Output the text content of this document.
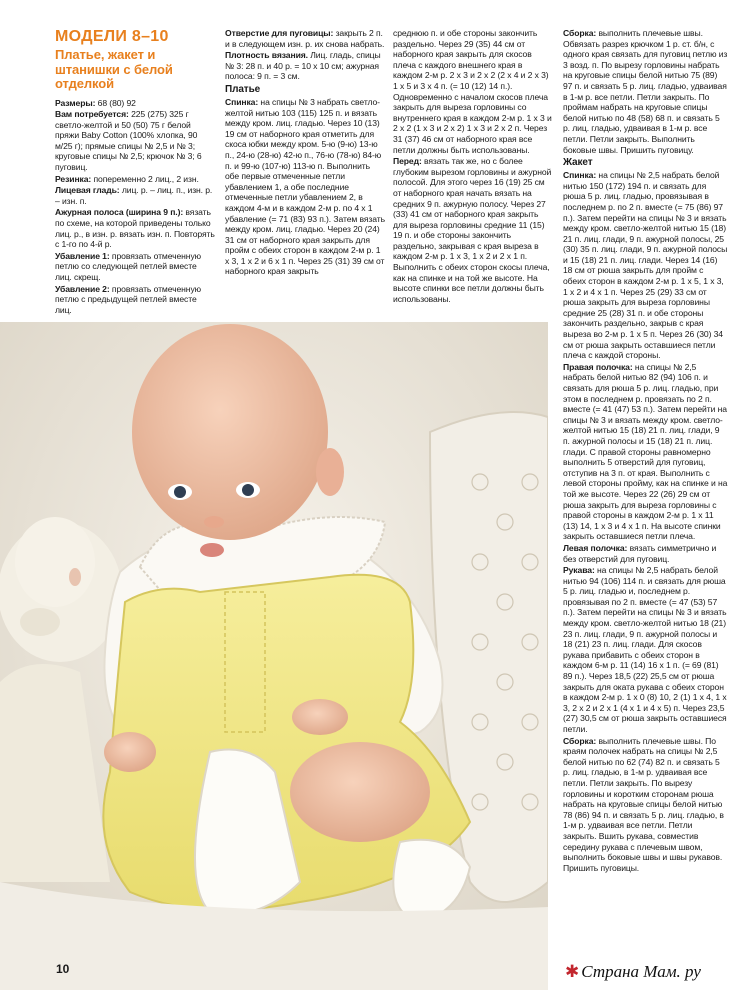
МОДЕЛИ 8–10
Платье, жакет и штанишки с белой отделкой

Размеры: 68 (80) 92

Вам потребуется: 225 (275) 325 г светло-желтой и 50 (50) 75 г белой пряжи Baby Cotton (100% хлопка, 90 м/25 г); прямые спицы № 2,5 и № 3; круговые спицы № 2,5; крючок № 3; 6 пуговиц.

Резинка: попеременно 2 лиц., 2 изн.

Лицевая гладь: лиц. р. – лиц. п., изн. р. – изн. п.

Ажурная полоса (ширина 9 п.): вязать по схеме, на которой приведены только лиц. р., в изн. р. вязать изн. п. Повторять с 1-го по 4-й р.

Убавление 1: провязать отмеченную петлю со следующей петлей вместе лиц. скрещ.

Убавление 2: провязать отмеченную петлю с предыдущей петлей вместе лиц.

Отверстие для пуговицы: закрыть 2 п. и в следующем изн. р. их снова набрать.

Плотность вязания. Лиц. гладь, спицы № 3: 28 п. и 40 р. = 10 х 10 см; ажурная полоса: 9 п. = 3 см.

Платье

Спинка: на спицы № 3 набрать светло-желтой нитью 103 (115) 125 п. и вязать между кром. лиц. гладью. Через 10 (13) 19 см от наборного края отметить для скоса юбки между кром. 5-ю (9-ю) 13-ю п., 24-ю (28-ю) 42-ю п., 76-ю (78-ю) 84-ю п. и 99-ю (107-ю) 113-ю п. Выполнить обе первые отмеченные петли убавлением 1, а обе последние отмеченные петли убавлением 2, в каждом 4-м и в каждом 2-м р. по 4 х 1 убавление (= 71 (83) 93 п.). Затем вязать между кром. лиц. гладью. Через 20 (24) 31 см от наборного края закрыть для пройм с обеих сторон в каждом 2-м р. 1 х 3, 1 х 2 и 6 х 1 п. Через 25 (31) 39 см от наборного края закрыть

среднюю п. и обе стороны закончить раздельно. Через 29 (35) 44 см от наборного края закрыть для скосов плеча с каждого внешнего края в каждом 2-м р. 2 х 3 и 2 х 2 (2 х 4 и 2 х 3) 1 х 5 и 3 х 4 п. (= 10 (12) 14 п.). Одновременно с началом скосов плеча закрыть для выреза горловины со внутреннего края в каждом 2-м р. 1 х 3 и 2 х 2 (1 х 3 и 2 х 2) 1 х 3 и 2 х 2 п. Через 31 (37) 46 см от наборного края все петли должны быть использованы.

Перед: вязать так же, но с более глубоким вырезом горловины и ажурной полосой. Для этого через 16 (19) 25 см от наборного края начать вязать на средних 9 п. ажурную полосу. Через 27 (33) 41 см от наборного края закрыть для выреза горловины средние 11 (15) 19 п. и обе стороны закончить раздельно, закрывая с края выреза в каждом 2-м р. 1 х 3, 1 х 2 и 2 х 1 п. Выполнить с обеих сторон скосы плеча, как на спинке и на той же высоте. На высоте спинки все петли должны быть использованы.

Сборка: выполнить плечевые швы. Обвязать разрез крючком 1 р. ст. б/н, с одного края связать для пуговиц петлю из 3 возд. п. По вырезу горловины набрать на круговые спицы белой нитью 75 (89) 97 п. и связать 5 р. лиц. гладью, удваивая в 1-м р. все петли. Петли закрыть. По проймам набрать на круговые спицы белой нитью по 48 (58) 68 п. и связать 5 р. лиц. гладью, удваивая в 1-м р. все петли. Петли закрыть. Выполнить боковые швы. Пришить пуговицу.

Жакет

Спинка: на спицы № 2,5 набрать белой нитью 150 (172) 194 п. и связать для рюша 5 р. лиц. гладью, провязывая в последнем р. по 2 п. вместе (= 75 (86) 97 п.). Затем перейти на спицы № 3 и вязать между кром. светло-желтой нитью 15 (18) 21 п. лиц. глади, 9 п. ажурной полосы, 25 (30) 35 п. лиц. глади, 9 п. ажурной полосы и 15 (18) 21 п. лиц. глади. Через 14 (16) 18 см от рюша закрыть для пройм с обеих сторон в каждом 2-м р. 1 х 5, 1 х 3, 1 х 2 и 4 х 1 п. Через 25 (29) 33 см от рюша закрыть для выреза горловины средние 25 (28) 31 п. и обе стороны закончить раздельно, закрыв с края выреза во 2-м р. 1 х 5 п. Через 26 (30) 34 см от рюша закрыть оставшиеся петли плеча с каждой стороны.

Правая полочка: на спицы № 2,5 набрать белой нитью 82 (94) 106 п. и связать для рюша 5 р. лиц. гладью, при этом в последнем р. провязать по 2 п. вместе (= 41 (47) 53 п.). Затем перейти на спицы № 3 и вязать между кром. светло-желтой нитью 15 (18) 21 п. лиц. глади, 9 п. ажурной полосы и 15 (18) 21 п. лиц. глади. С правой стороны равномерно выполнить 5 отверстий для пуговиц, отступив на 3 п. от края. Выполнить с левой стороны пройму, как на спинке и на той же высоте. Через 22 (26) 29 см от рюша закрыть для выреза горловины с правой стороны в каждом 2-м р. 1 х 11 (13) 14, 1 х 3 и 4 х 1 п. На высоте спинки закрыть оставшиеся петли плеча.

Левая полочка: вязать симметрично и без отверстий для пуговиц.

Рукава: на спицы № 2,5 набрать белой нитью 94 (106) 114 п. и связать для рюша 5 р. лиц. гладью и, последнем р. провязывая по 2 п. вместе (= 47 (53) 57 п.). Затем перейти на спицы № 3 и вязать между кром. светло-желтой нитью 18 (21) 23 п. лиц. глади, 9 п. ажурной полосы и 18 (21) 23 п. лиц. глади. Для скосов рукава прибавить с обеих сторон в каждом 6-м р. 11 (14) 16 х 1 п. (= 69 (81) 89 п.). Через 18,5 (22) 25,5 см от рюша закрыть для оката рукава с обеих сторон в каждом 2-м р. 1 х 0 (8) 10, 2 (1) 1 х 4, 1 х 3, 2 х 2 и 2 х 1 (4 х 1 и 4 х 5) п. Через 23,5 (27) 30,5 см от рюша закрыть оставшиеся петли.

Сборка: выполнить плечевые швы. По краям полочек набрать на спицы № 2,5 белой нитью по 62 (74) 82 п. и связать 5 р. лиц. гладью, в 1-м р. удваивая все петли. Петли закрыть. По вырезу горловины и коротким сторонам рюша набрать на круговые спицы белой нитью 78 (86) 94 п. и связать 5 р. лиц. гладью, в 1-м р. удваивая все петли. Петли закрыть. Вшить рукава, совместив середину рукава с плечевым швом, выполнить боковые швы и швы рукавов. Пришить пуговицы.

10	✱ Страна Мам. ру
